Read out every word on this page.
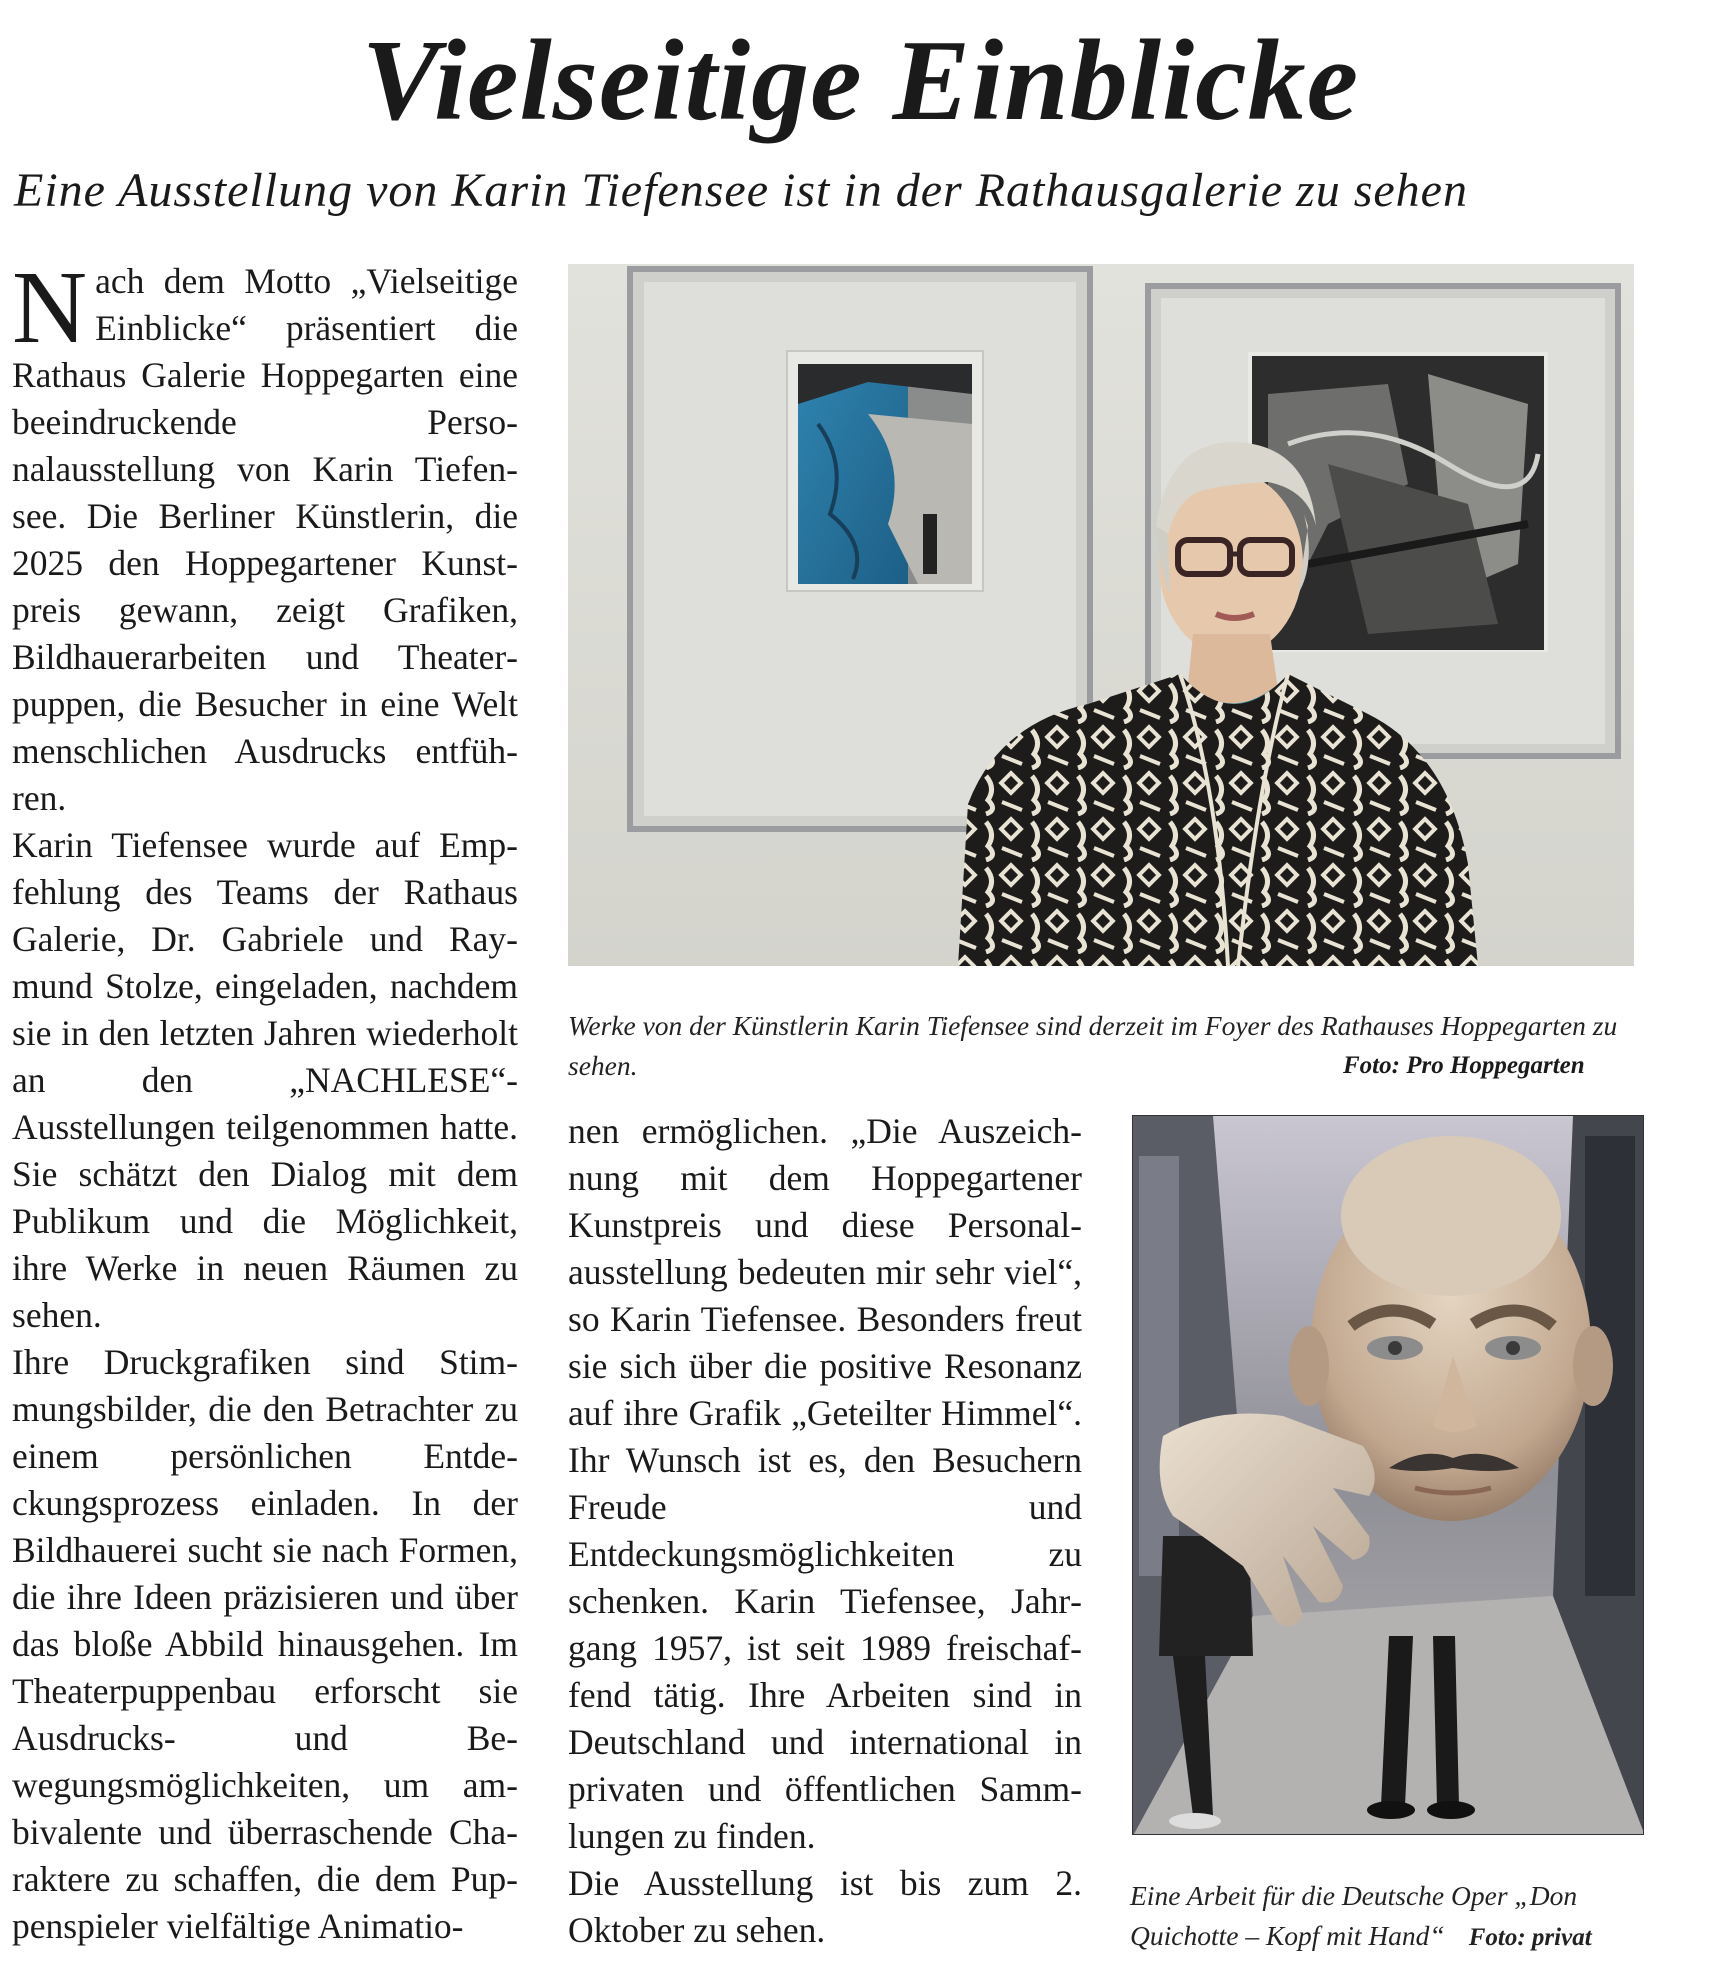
Vielseitige Einblicke
Eine Ausstellung von Karin Tiefensee ist in der Rathausgalerie zu sehen

Nach dem Motto „Vielseitige Einblicke“ präsentiert die Rathaus Galerie Hoppegarten eine beeindruckende Personalausstellung von Karin Tiefensee. Die Berliner Künstlerin, die 2025 den Hoppegartener Kunstpreis gewann, zeigt Grafiken, Bildhauerarbeiten und Theaterpuppen, die Besucher in eine Welt menschlichen Ausdrucks entführen.

Karin Tiefensee wurde auf Empfehlung des Teams der Rathaus Galerie, Dr. Gabriele und Raymund Stolze, eingeladen, nachdem sie in den letzten Jahren wiederholt an den „NACHLESE“-Ausstellungen teilgenommen hatte. Sie schätzt den Dialog mit dem Publikum und die Möglichkeit, ihre Werke in neuen Räumen zu sehen.

Ihre Druckgrafiken sind Stimmungsbilder, die den Betrachter zu einem persönlichen Entdeckungsprozess einladen. In der Bildhauerei sucht sie nach Formen, die ihre Ideen präzisieren und über das bloße Abbild hinausgehen. Im Theaterpuppenbau erforscht sie Ausdrucks- und Bewegungsmöglichkeiten, um ambivalente und überraschende Charaktere zu schaffen, die dem Puppenspieler vielfältige Animatio-

Werke von der Künstlerin Karin Tiefensee sind derzeit im Foyer des Rathauses Hoppegarten zu sehen.	Foto: Pro Hoppegarten

nen ermöglichen. „Die Auszeichnung mit dem Hoppegartener Kunstpreis und diese Personalausstellung bedeuten mir sehr viel“, so Karin Tiefensee. Besonders freut sie sich über die positive Resonanz auf ihre Grafik „Geteilter Himmel“. Ihr Wunsch ist es, den Besuchern Freude und Entdeckungsmöglichkeiten zu schenken. Karin Tiefensee, Jahrgang 1957, ist seit 1989 freischaffend tätig. Ihre Arbeiten sind in Deutschland und international in privaten und öffentlichen Sammlungen zu finden.

Die Ausstellung ist bis zum 2. Oktober zu sehen.

Eine Arbeit für die Deutsche Oper „Don Quichotte – Kopf mit Hand“ Foto: privat
